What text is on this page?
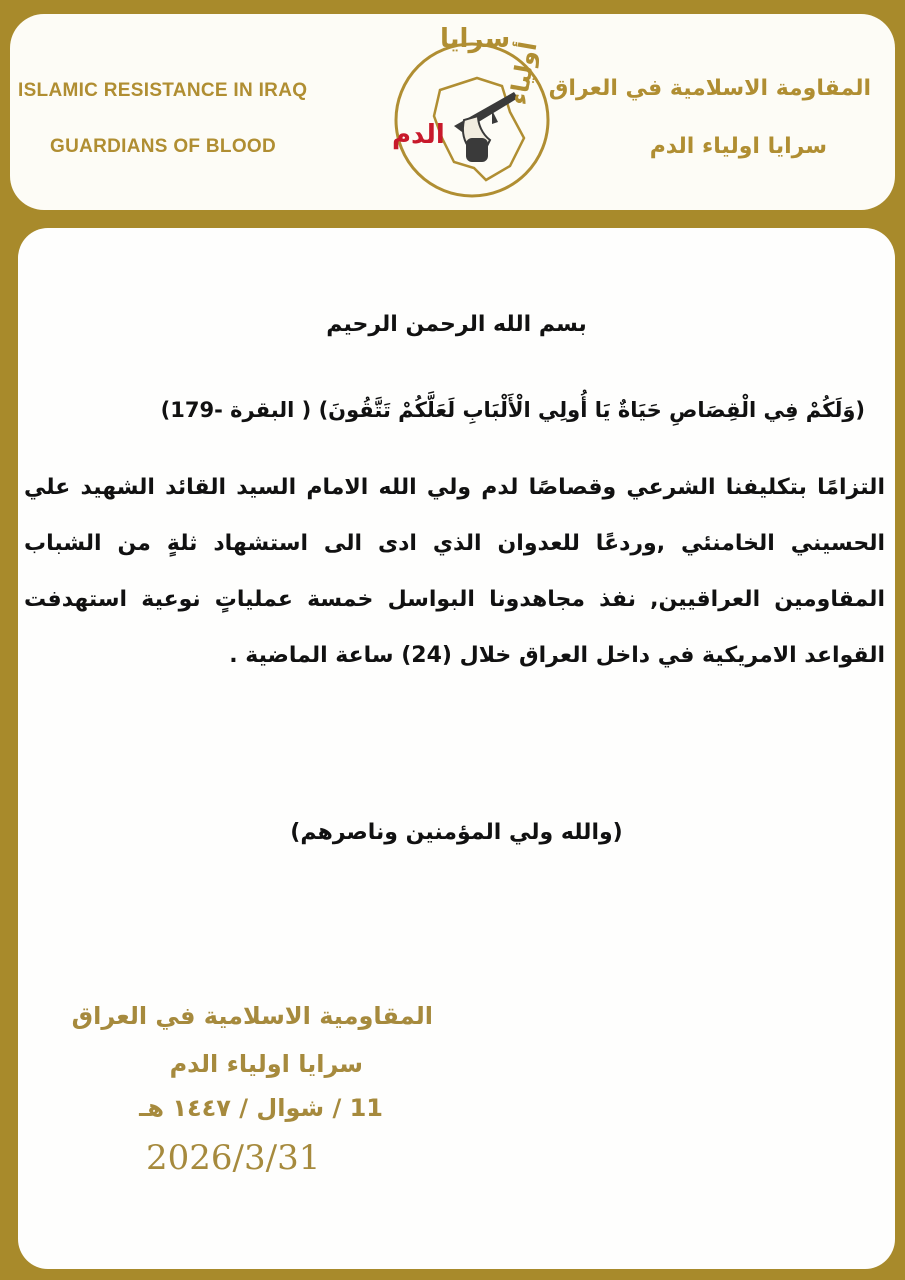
ISLAMIC RESISTANCE IN IRAQ
GUARDIANS OF BLOOD
سرايا
الدم
أولياء المقاومة الاسلامية في العراق
سرايا اولياء الدم
بسم الله الرحمن الرحيم
(وَلَكُمْ فِي الْقِصَاصِ حَيَاةٌ يَا أُولِي الْأَلْبَابِ لَعَلَّكُمْ تَتَّقُونَ) ( البقرة -179)
التزامًا بتكليفنا الشرعي وقصاصًا لدم ولي الله الامام السيد القائد الشهيد علي الحسيني الخامنئي ,وردعًا للعدوان الذي ادى الى استشهاد ثلةٍ من الشباب المقاومين العراقيين, نفذ مجاهدونا البواسل خمسة عملياتٍ نوعية استهدفت القواعد الامريكية في داخل العراق خلال (24) ساعة الماضية .
(والله ولي المؤمنين وناصرهم)
المقاومية الاسلامية في العراق
سرايا اولياء الدم
11 / شوال / ١٤٤٧ هـ
2026/3/31
